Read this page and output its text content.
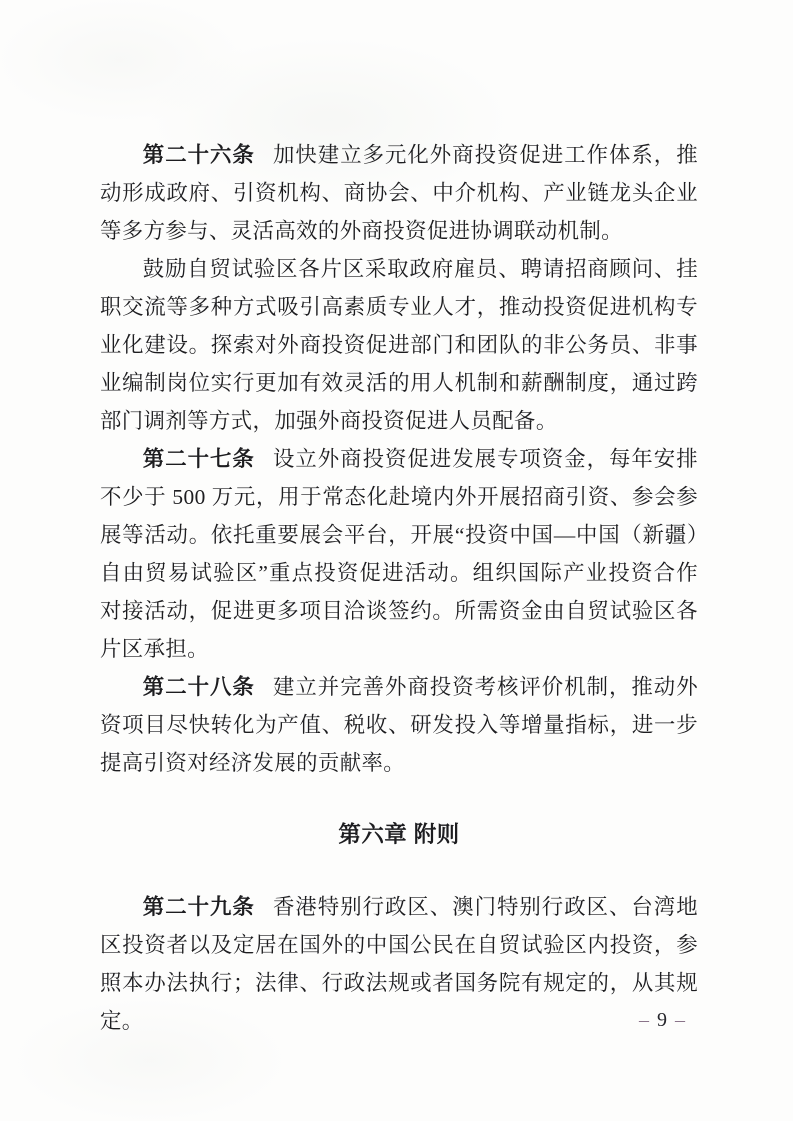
第二十六条 加快建立多元化外商投资促进工作体系，推动形成政府、引资机构、商协会、中介机构、产业链龙头企业等多方参与、灵活高效的外商投资促进协调联动机制。

鼓励自贸试验区各片区采取政府雇员、聘请招商顾问、挂职交流等多种方式吸引高素质专业人才，推动投资促进机构专业化建设。探索对外商投资促进部门和团队的非公务员、非事业编制岗位实行更加有效灵活的用人机制和薪酬制度，通过跨部门调剂等方式，加强外商投资促进人员配备。

第二十七条 设立外商投资促进发展专项资金，每年安排不少于 500 万元，用于常态化赴境内外开展招商引资、参会参展等活动。依托重要展会平台，开展“投资中国—中国（新疆）自由贸易试验区”重点投资促进活动。组织国际产业投资合作对接活动，促进更多项目洽谈签约。所需资金由自贸试验区各片区承担。

第二十八条 建立并完善外商投资考核评价机制，推动外资项目尽快转化为产值、税收、研发投入等增量指标，进一步提高引资对经济发展的贡献率。

第六章 附则

第二十九条 香港特别行政区、澳门特别行政区、台湾地区投资者以及定居在国外的中国公民在自贸试验区内投资，参照本办法执行；法律、行政法规或者国务院有规定的，从其规定。	– 9 –
